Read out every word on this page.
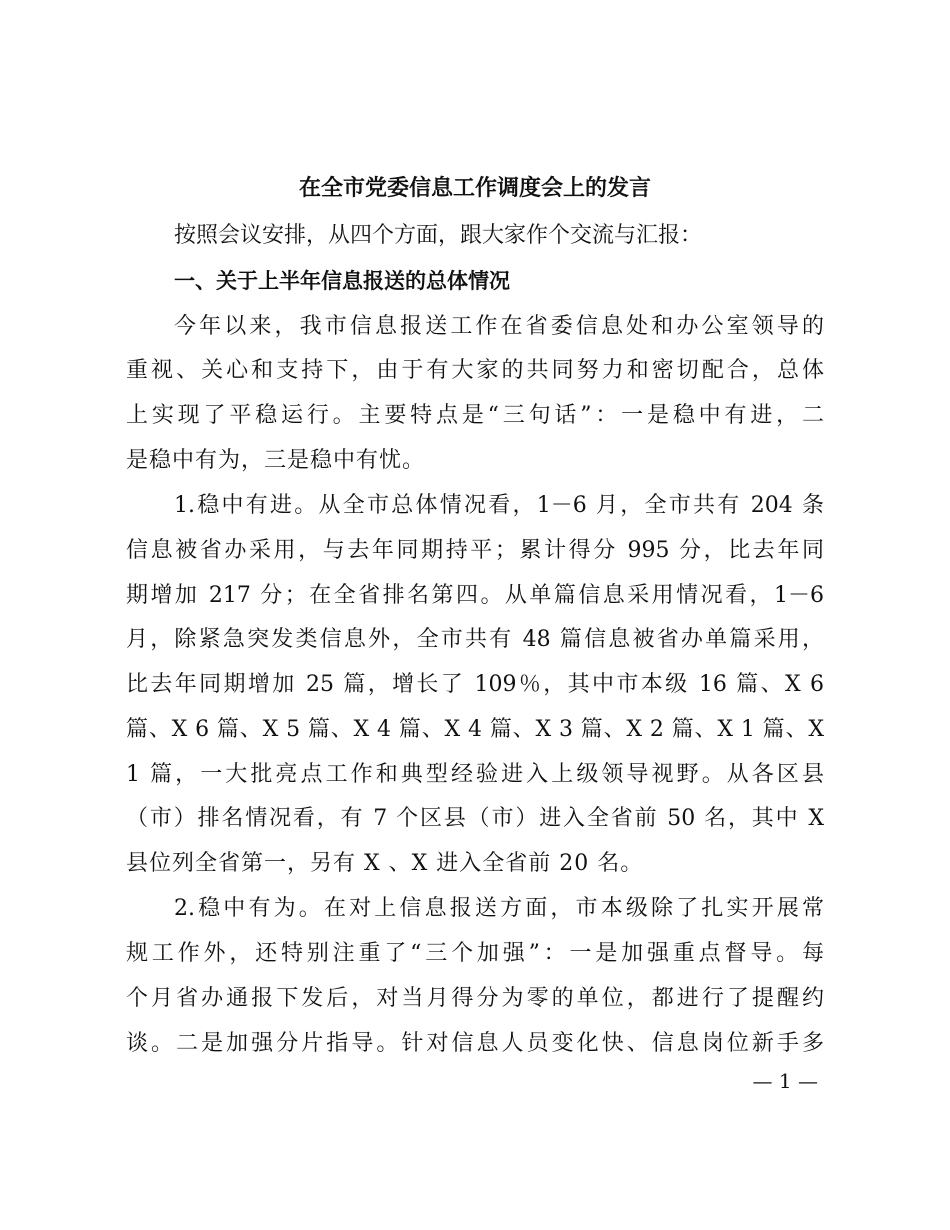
在全市党委信息工作调度会上的发言
按照会议安排，从四个方面，跟大家作个交流与汇报：
一、关于上半年信息报送的总体情况
今年以来，我市信息报送工作在省委信息处和办公室领导的
重视、关心和支持下，由于有大家的共同努力和密切配合，总体
上实现了平稳运行。主要特点是“三句话”：一是稳中有进，二
是稳中有为，三是稳中有忧。
1.稳中有进。从全市总体情况看，1－6 月，全市共有 204 条
信息被省办采用，与去年同期持平；累计得分 995 分，比去年同
期增加 217 分；在全省排名第四。从单篇信息采用情况看，1－6
月，除紧急突发类信息外，全市共有 48 篇信息被省办单篇采用，
比去年同期增加 25 篇，增长了 109％，其中市本级 16 篇、X 6
篇、X 6 篇、X 5 篇、X 4 篇、X 4 篇、X 3 篇、X 2 篇、X 1 篇、X
1 篇，一大批亮点工作和典型经验进入上级领导视野。从各区县
（市）排名情况看，有 7 个区县（市）进入全省前 50 名，其中 X
县位列全省第一，另有 X 、X 进入全省前 20 名。
2.稳中有为。在对上信息报送方面，市本级除了扎实开展常
规工作外，还特别注重了“三个加强”：一是加强重点督导。每
个月省办通报下发后，对当月得分为零的单位，都进行了提醒约
谈。二是加强分片指导。针对信息人员变化快、信息岗位新手多
— 1 —
